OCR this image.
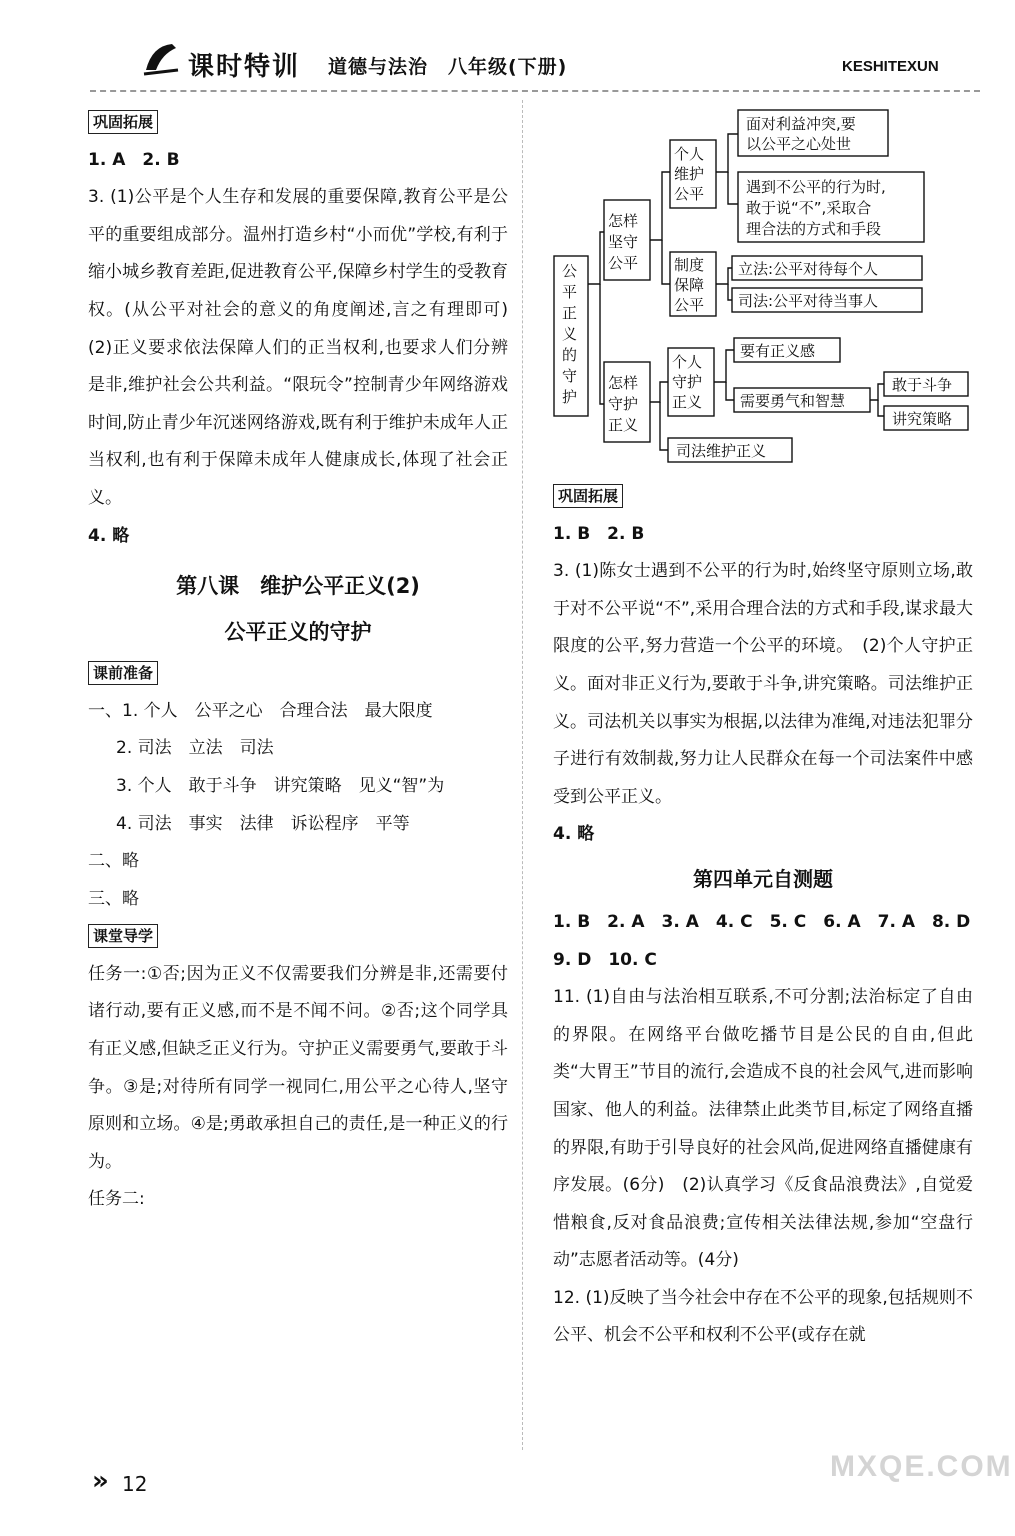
课时特训 道德与法治　八年级(下册)	KESHITEXUN
巩固拓展

1. A　2. B

3. (1)公平是个人生存和发展的重要保障,教育公平是公平的重要组成部分。温州打造乡村“小而优”学校,有利于缩小城乡教育差距,促进教育公平,保障乡村学生的受教育权。(从公平对社会的意义的角度阐述,言之有理即可)　(2)正义要求依法保障人们的正当权利,也要求人们分辨是非,维护社会公共利益。“限玩令”控制青少年网络游戏时间,防止青少年沉迷网络游戏,既有利于维护未成年人正当权利,也有利于保障未成年人健康成长,体现了社会正义。

4. 略

第八课　维护公平正义(2)
公平正义的守护
课前准备

一、1. 个人　公平之心　合理合法　最大限度

2. 司法　立法　司法

3. 个人　敢于斗争　讲究策略　见义“智”为

4. 司法　事实　法律　诉讼程序　平等

二、略

三、略

课堂导学

任务一:①否;因为正义不仅需要我们分辨是非,还需要付诸行动,要有正义感,而不是不闻不问。②否;这个同学具有正义感,但缺乏正义行为。守护正义需要勇气,要敢于斗争。③是;对待所有同学一视同仁,用公平之心待人,坚守原则和立场。④是;勇敢承担自己的责任,是一种正义的行为。

任务二:

公
平
正
义
的
守
护
怎样
坚守
公平
怎样
守护
正义
个人
维护
公平
制度
保障
公平
面对利益冲突,要
以公平之心处世
遇到不公平的行为时,
敢于说“不”,采取合
理合法的方式和手段
立法:公平对待每个人
司法:公平对待当事人
个人
守护
正义
要有正义感
需要勇气和智慧
敢于斗争
讲究策略
司法维护正义
巩固拓展

1. B　2. B

3. (1)陈女士遇到不公平的行为时,始终坚守原则立场,敢于对不公平说“不”,采用合理合法的方式和手段,谋求最大限度的公平,努力营造一个公平的环境。　(2)个人守护正义。面对非正义行为,要敢于斗争,讲究策略。司法维护正义。司法机关以事实为根据,以法律为准绳,对违法犯罪分子进行有效制裁,努力让人民群众在每一个司法案件中感受到公平正义。

4. 略

第四单元自测题

1. B　2. A　3. A　4. C　5. C　6. A　7. A　8. D

9. D　10. C

11. (1)自由与法治相互联系,不可分割;法治标定了自由的界限。在网络平台做吃播节目是公民的自由,但此类“大胃王”节目的流行,会造成不良的社会风气,进而影响国家、他人的利益。法律禁止此类节目,标定了网络直播的界限,有助于引导良好的社会风尚,促进网络直播健康有序发展。(6分)　(2)认真学习《反食品浪费法》,自觉爱惜粮食,反对食品浪费;宣传相关法律法规,参加“空盘行动”志愿者活动等。(4分)

12. (1)反映了当今社会中存在不公平的现象,包括规则不公平、机会不公平和权利不公平(或存在就

» 12
MXQE.COM
